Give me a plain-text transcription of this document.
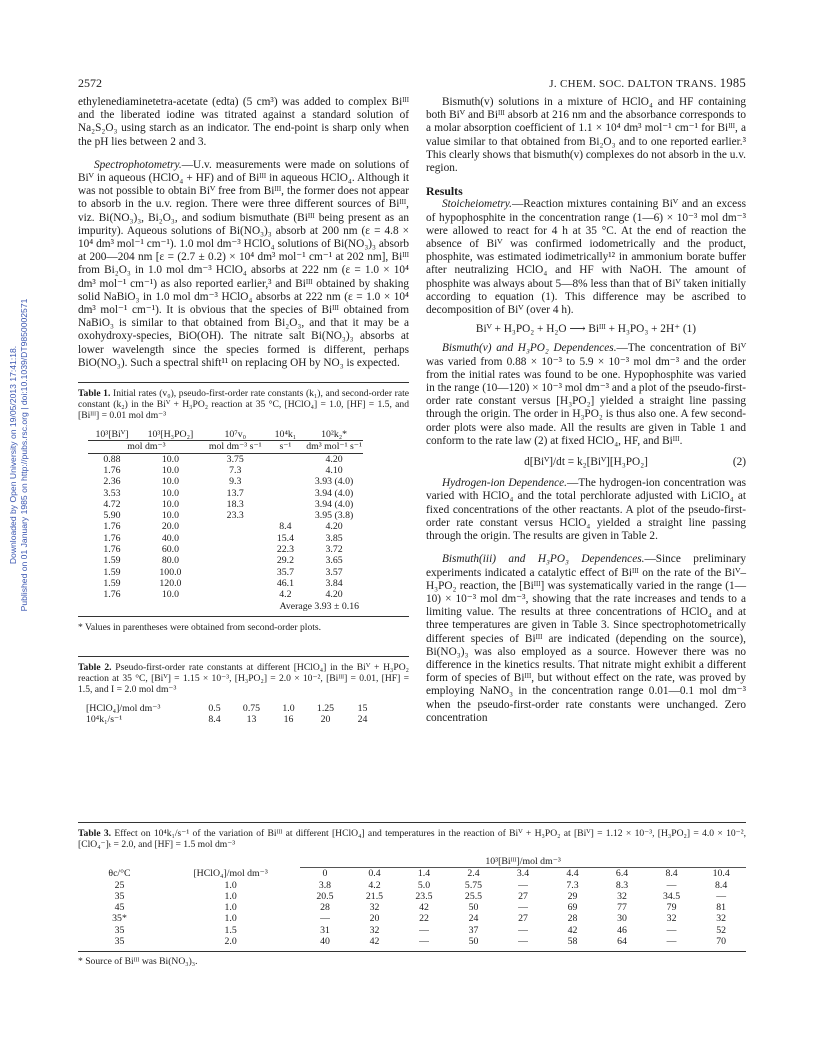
Downloaded by Open University on 19/05/2013 17:41:18. Published on 01 January 1985 on http://pubs.rsc.org | doi:10.1039/DT9850002571
2572	J. CHEM. SOC. DALTON TRANS. 1985

ethylenediaminetetra-acetate (edta) (5 cm³) was added to complex Biᴵᴵᴵ and the liberated iodine was titrated against a standard solution of Na₂S₂O₃ using starch as an indicator. The end-point is sharp only when the pH lies between 2 and 3.

Spectrophotometry.—U.v. measurements were made on solutions of Biⱽ in aqueous (HClO₄ + HF) and of Biᴵᴵᴵ in aqueous HClO₄. Although it was not possible to obtain Biⱽ free from Biᴵᴵᴵ, the former does not appear to absorb in the u.v. region. There were three different sources of Biᴵᴵᴵ, viz. Bi(NO₃)₃, Bi₂O₃, and sodium bismuthate (Biᴵᴵᴵ being present as an impurity). Aqueous solutions of Bi(NO₃)₃ absorb at 200 nm (ε = 4.8 × 10⁴ dm³ mol⁻¹ cm⁻¹). 1.0 mol dm⁻³ HClO₄ solutions of Bi(NO₃)₃ absorb at 200—204 nm [ε = (2.7 ± 0.2) × 10⁴ dm³ mol⁻¹ cm⁻¹ at 202 nm], Biᴵᴵᴵ from Bi₂O₃ in 1.0 mol dm⁻³ HClO₄ absorbs at 222 nm (ε = 1.0 × 10⁴ dm³ mol⁻¹ cm⁻¹) as also reported earlier,³ and Biᴵᴵᴵ obtained by shaking solid NaBiO₃ in 1.0 mol dm⁻³ HClO₄ absorbs at 222 nm (ε = 1.0 × 10⁴ dm³ mol⁻¹ cm⁻¹). It is obvious that the species of Biᴵᴵᴵ obtained from NaBiO₃ is similar to that obtained from Bi₂O₃, and that it may be a oxohydroxy-species, BiO(OH). The nitrate salt Bi(NO₃)₃ absorbs at lower wavelength since the species formed is different, perhaps BiO(NO₃). Such a spectral shift¹¹ on replacing OH by NO₃ is expected.

Table 1. Initial rates (v₀), pseudo-first-order rate constants (k₁), and second-order rate constant (k₂) in the Biⱽ + H₃PO₂ reaction at 35 °C, [HClO₄] = 1.0, [HF] = 1.5, and [Biᴵᴵᴵ] = 0.01 mol dm⁻³

10³[Biⱽ]	10³[H₃PO₂]	10⁷v₀	10⁴k₁	10²k₂*
mol dm⁻³		mol dm⁻³ s⁻¹	s⁻¹	dm³ mol⁻¹ s⁻¹
0.88	10.0	3.75		4.20
1.76	10.0	7.3		4.10
2.36	10.0	9.3		3.93 (4.0)
3.53	10.0	13.7		3.94 (4.0)
4.72	10.0	18.3		3.94 (4.0)
5.90	10.0	23.3		3.95 (3.8)
1.76	20.0		8.4	4.20
1.76	40.0		15.4	3.85
1.76	60.0		22.3	3.72
1.59	80.0		29.2	3.65
1.59	100.0		35.7	3.57
1.59	120.0		46.1	3.84
1.76	10.0		4.2	4.20
			Average 3.93 ± 0.16	

* Values in parentheses were obtained from second-order plots.

Table 2. Pseudo-first-order rate constants at different [HClO₄] in the Biⱽ + H₃PO₂ reaction at 35 °C, [Biⱽ] = 1.15 × 10⁻³, [H₃PO₂] = 2.0 × 10⁻², [Biᴵᴵᴵ] = 0.01, [HF] = 1.5, and I = 2.0 mol dm⁻³

[HClO₄]/mol dm⁻³	0.5	0.75	1.0	1.25	15
10⁴k₁/s⁻¹	8.4	13	16	20	24

Bismuth(v) solutions in a mixture of HClO₄ and HF containing both Biⱽ and Biᴵᴵᴵ absorb at 216 nm and the absorbance corresponds to a molar absorption coefficient of 1.1 × 10⁴ dm³ mol⁻¹ cm⁻¹ for Biᴵᴵᴵ, a value similar to that obtained from Bi₂O₃ and to one reported earlier.³ This clearly shows that bismuth(v) complexes do not absorb in the u.v. region.

Results

Stoicheiometry.—Reaction mixtures containing Biⱽ and an excess of hypophosphite in the concentration range (1—6) × 10⁻³ mol dm⁻³ were allowed to react for 4 h at 35 °C. At the end of reaction the absence of Biⱽ was confirmed iodometrically and the product, phosphite, was estimated iodimetrically¹² in ammonium borate buffer after neutralizing HClO₄ and HF with NaOH. The amount of phosphite was always about 5—8% less than that of Biⱽ taken initially according to equation (1). This difference may be ascribed to decomposition of Biⱽ (over 4 h).

Biⱽ + H₃PO₂ + H₂O ⟶ Biᴵᴵᴵ + H₃PO₃ + 2H⁺ (1)

Bismuth(v) and H₃PO₂ Dependences.—The concentration of Biⱽ was varied from 0.88 × 10⁻³ to 5.9 × 10⁻³ mol dm⁻³ and the order from the initial rates was found to be one. Hypophosphite was varied in the range (10—120) × 10⁻³ mol dm⁻³ and a plot of the pseudo-first-order rate constant versus [H₃PO₂] yielded a straight line passing through the origin. The order in H₃PO₂ is thus also one. A few second-order plots were also made. All the results are given in Table 1 and conform to the rate law (2) at fixed HClO₄, HF, and Biᴵᴵᴵ.

d[Biⱽ]/dt = k₂[Biⱽ][H₃PO₂]	(2)

Hydrogen-ion Dependence.—The hydrogen-ion concentration was varied with HClO₄ and the total perchlorate adjusted with LiClO₄ at fixed concentrations of the other reactants. A plot of the pseudo-first-order rate constant versus HClO₄ yielded a straight line passing through the origin. The results are given in Table 2.

Bismuth(iii) and H₃PO₃ Dependences.—Since preliminary experiments indicated a catalytic effect of Biᴵᴵᴵ on the rate of the Biⱽ–H₃PO₂ reaction, the [Biᴵᴵᴵ] was systematically varied in the range (1—10) × 10⁻³ mol dm⁻³, showing that the rate increases and tends to a limiting value. The results at three concentrations of HClO₄ and at three temperatures are given in Table 3. Since spectrophotometrically different species of Biᴵᴵᴵ are indicated (depending on the source), Bi(NO₃)₃ was also employed as a source. However there was no difference in the kinetics results. That nitrate might exhibit a different form of species of Biᴵᴵᴵ, but without effect on the rate, was proved by employing NaNO₃ in the concentration range 0.01—0.1 mol dm⁻³ when the pseudo-first-order rate constants were unchanged. Zero concentration

Table 3. Effect on 10⁴k₁/s⁻¹ of the variation of Biᴵᴵᴵ at different [HClO₄] and temperatures in the reaction of Biⱽ + H₃PO₂ at [Biⱽ] = 1.12 × 10⁻³, [H₃PO₂] = 4.0 × 10⁻², [ClO₄⁻]ₜ = 2.0, and [HF] = 1.5 mol dm⁻³

		10³[Biᴵᴵᴵ]/mol dm⁻³								
θc/°C	[HClO₄]/mol dm⁻³	0	0.4	1.4	2.4	3.4	4.4	6.4	8.4	10.4
25	1.0	3.8	4.2	5.0	5.75	—	7.3	8.3	—	8.4
35	1.0	20.5	21.5	23.5	25.5	27	29	32	34.5	—
45	1.0	28	32	42	50	—	69	77	79	81
35*	1.0	—	20	22	24	27	28	30	32	32
35	1.5	31	32	—	37	—	42	46	—	52
35	2.0	40	42	—	50	—	58	64	—	70

* Source of Biᴵᴵᴵ was Bi(NO₃)₃.
